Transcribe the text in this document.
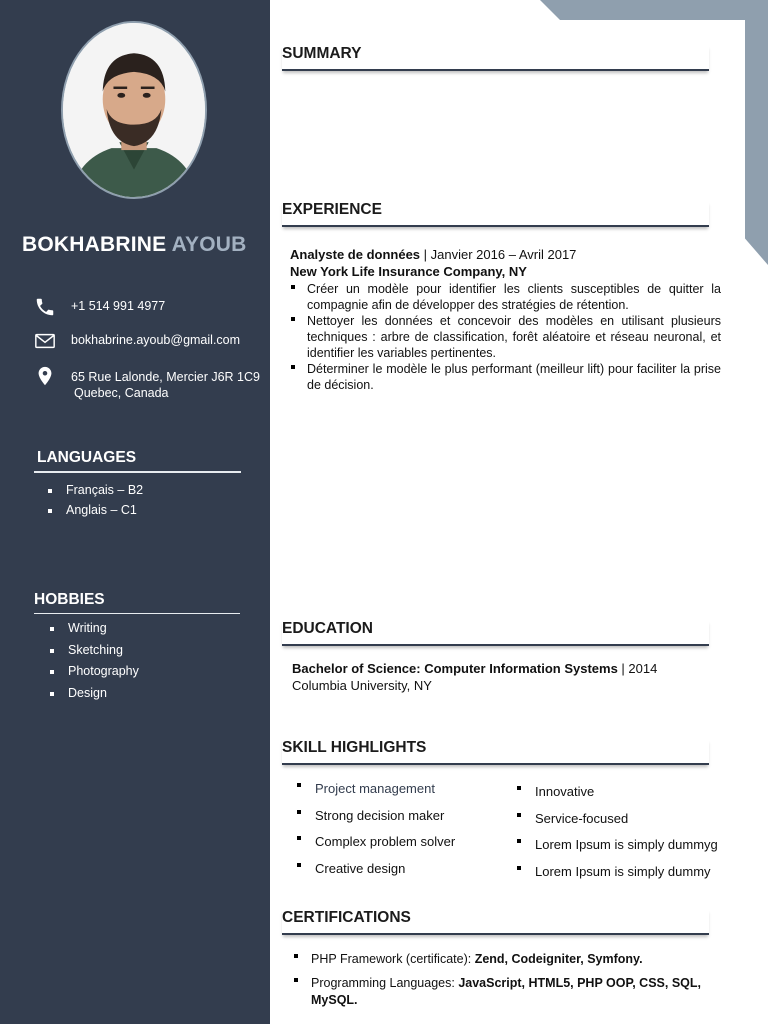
BOKHABRINE AYOUB
+1 514 991 4977
bokhabrine.ayoub@gmail.com
65 Rue Lalonde, Mercier J6R 1C9
Quebec, Canada
LANGUAGES
Français – B2
Anglais – C1
HOBBIES
Writing
Sketching
Photography
Design
SUMMARY
EXPERIENCE
Analyste de données | Janvier 2016 – Avril 2017
New York Life Insurance Company, NY
Créer un modèle pour identifier les clients susceptibles de quitter la compagnie afin de développer des stratégies de rétention.
Nettoyer les données et concevoir des modèles en utilisant plusieurs techniques : arbre de classification, forêt aléatoire et réseau neuronal, et identifier les variables pertinentes.
Déterminer le modèle le plus performant (meilleur lift) pour faciliter la prise de décision.
EDUCATION
Bachelor of Science: Computer Information Systems | 2014
Columbia University, NY
SKILL HIGHLIGHTS
Project management
Strong decision maker
Complex problem solver
Creative design
Innovative
Service-focused
Lorem Ipsum is simply dummyg
Lorem Ipsum is simply dummy
CERTIFICATIONS
PHP Framework (certificate): Zend, Codeigniter, Symfony.
Programming Languages: JavaScript, HTML5, PHP OOP, CSS, SQL, MySQL.
